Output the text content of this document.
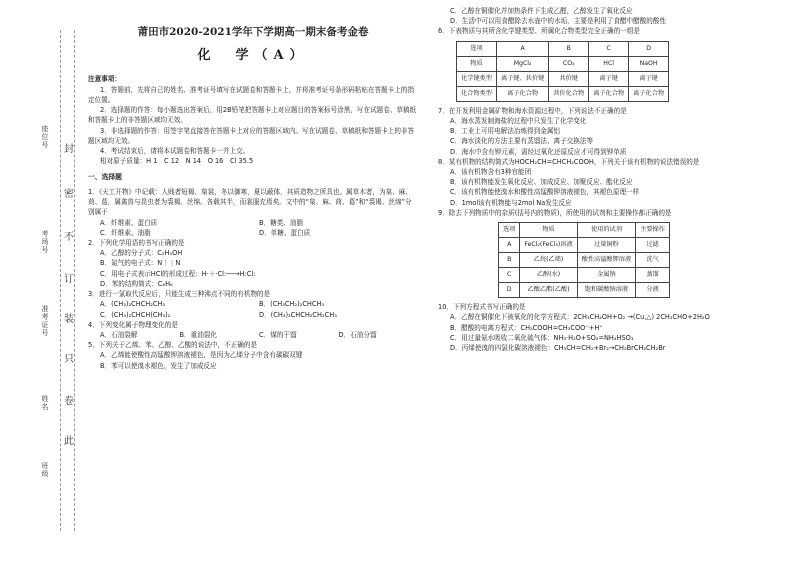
座位号
考场号
准考证号
姓名
班级
封
密
不
订
装
只
卷
此
莆田市2020-2021学年下学期高一期末备考金卷
化　学（A）

注意事项：

1．答题前，先将自己的姓名、准考证号填写在试题卷和答题卡上，并将准考证号条形码粘贴在答题卡上的指定位置。

2．选择题的作答：每小题选出答案后，用2B铅笔把答题卡上对应题目的答案标号涂黑，写在试题卷、草稿纸和答题卡上的非答题区域均无效。

3．非选择题的作答：用签字笔直接答在答题卡上对应的答题区域内。写在试题卷、草稿纸和答题卡上的非答题区域均无效。

4．考试结束后，请将本试题卷和答题卡一并上交。

相对原子质量：H 1　C 12　N 14　O 16　Cl 35.5

一、选择题

1．《天工开物》中记载：人贱者短褐、枲裳，冬以御寒，夏以蔽体，其质造物之所具也。属草木者，为枲、麻、苘、葛，属禽兽与昆虫者为裘褐、丝绵。各载其半，而裳服充焉矣。文中的“枲、麻、苘、葛”和“裘褐、丝绵”分别属于

A．纤维素、蛋白质	B．糖类、油脂
C．纤维素、油脂	D．单糖、蛋白质

2．下列化学用语的书写正确的是

A．乙醇的分子式：C₂H₅OH

B．氮气的电子式：N⋮⋮N

C．用电子式表示HCl的形成过程：H·＋·Cl:──→H:Cl:

D．苯的结构简式：C₆H₆

3．进行一氯取代反应后，只能生成三种沸点不同的有机物的是

A．(CH₃)₂CHCH₂CH₃	B．(CH₃CH₂)₂CHCH₃
C．(CH₃)₂CHCH(CH₃)₂	D．(CH₃)₃CHCH₂CH₂CH₃

4．下列变化属于物理变化的是

A．石油裂解	B．重油裂化	C．煤的干馏	D．石油分馏

5．下列关于乙烯、苯、乙醇、乙酸的说法中，不正确的是

A．乙烯能使酸性高锰酸钾溶液褪色，是因为乙烯分子中含有碳碳双键

B．苯可以使溴水褪色，发生了加成反应

C．乙醇在铜催化并加热条件下生成乙醛，乙醇发生了氧化反应

D．生活中可以用食醋除去水壶中的水垢，主要是利用了食醋中醋酸的酸性

6．下表物质与其所含化学键类型、所属化合物类型完全正确的一组是

选项	A	B	C	D
物质	MgCl₂	CO₂	HCl	NaOH
化学键类型	离子键、共价键	共价键	离子键	离子键
化合物类型	离子化合物	共价化合物	离子化合物	离子化合物

7．在开发利用金属矿物和海水资源过程中，下列说法不正确的是

A．海水蒸发制海盐的过程中只发生了化学变化

B．工业上可用电解法冶炼得到金属铝

C．海水淡化的方法主要有蒸馏法、离子交换法等

D．海水中含有钾元素，需经过氧化还原反应才可得到钾单质

8．某有机物的结构简式为HOCH₂CH=CHCH₂COOH，下列关于该有机物的说法错误的是

A．该有机物含有3种官能团

B．该有机物能发生氧化反应、加成反应、加聚反应、酯化反应

C．该有机物能使溴水和酸性高锰酸钾溶液褪色，其褪色原理一样

D．1mol该有机物能与2mol Na发生反应

9．除去下列物质中的杂质(括号内的物质)，所使用的试剂和主要操作都正确的是

选项	物质	使用的试剂	主要操作
A	FeCl₂(FeCl₃)溶液	过量铜粉	过滤
B	乙烷(乙烯)	酸性高锰酸钾溶液	洗气
C	乙醇(水)	金属钠	蒸馏
D	乙酸乙酯(乙酸)	饱和碳酸钠溶液	分液

10．下列方程式书写正确的是

A．乙醇在铜催化下被氧化的化学方程式：2CH₃CH₂OH+O₂ →(Cu,△) 2CH₃CHO+2H₂O

B．醋酸的电离方程式：CH₃COOH=CH₃COO⁻+H⁺

C．用过量氨水吸收二氧化硫气体：NH₃·H₂O+SO₂=NH₄HSO₃

D．丙烯使溴的四氯化碳溶液褪色：CH₃CH=CH₂+Br₂→CH₂BrCH₂CH₂Br
